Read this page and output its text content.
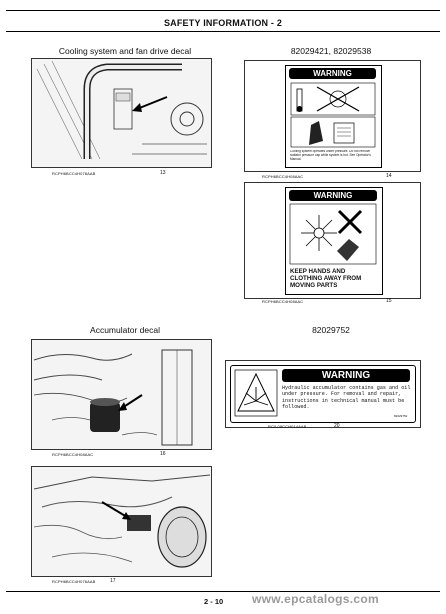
SAFETY INFORMATION - 2
Cooling system and fan drive decal
RCPH6BCC4H078AAB	13
82029421, 82029538
WARNING
Cooling system operates under pressure. Do not remove radiator pressure cap while system is hot. See Operator's Manual.
RCPH6BCC4H08AAC	14
WARNING
KEEP HANDS AND CLOTHING AWAY FROM MOVING PARTS
RCPH6BCC4H08AAC	15
Accumulator decal
RCPH6BCC4H08AAC	16
82029752
WARNING
Hydraulic accumulator contains gas and oil under pressure. For removal and repair, instructions in technical manual must be followed.
82029752
RCIL08CCH014AAB	20
RCPH6BCC4H076AAB	17
2 - 10 www.epcatalogs.com
